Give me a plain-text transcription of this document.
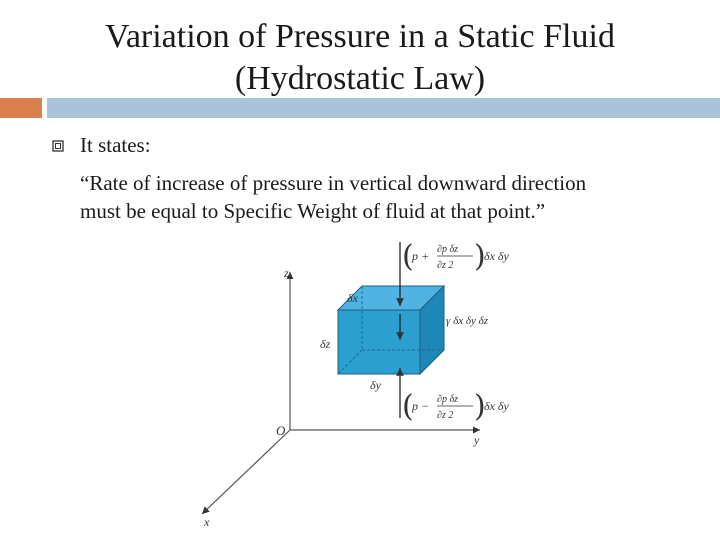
Variation of Pressure in a Static Fluid
(Hydrostatic Law)
It states:
“Rate of increase of pressure in vertical downward direction
must be equal to Specific Weight of fluid at that point.”
z
y
x
O
δx
δz
δy
γ δx δy δz
(
p + ∂p δz
∂z 2 )
δx δy
(
p − ∂p δz
∂z 2 )
δx δy
